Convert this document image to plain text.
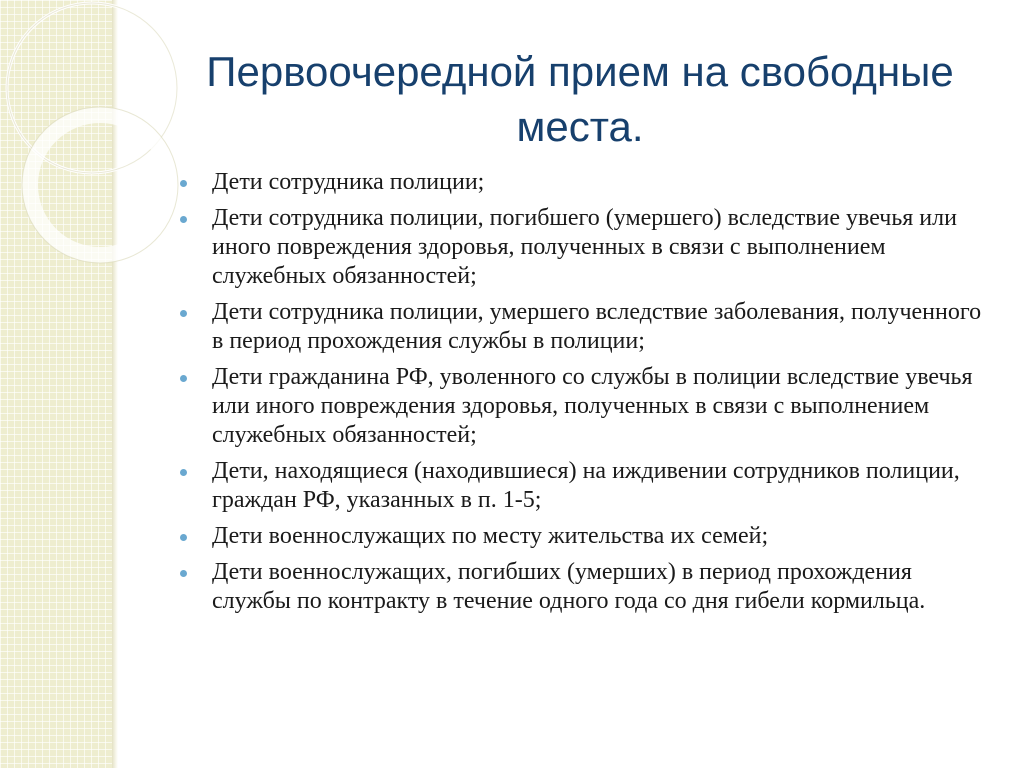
Первоочередной прием на свободные места.
Дети сотрудника полиции;
Дети сотрудника полиции, погибшего (умершего) вследствие увечья или иного повреждения здоровья, полученных в связи с выполнением служебных обязанностей;
Дети сотрудника полиции, умершего вследствие заболевания, полученного в период прохождения службы в полиции;
Дети гражданина РФ, уволенного со службы в полиции вследствие увечья или иного повреждения здоровья, полученных в связи с выполнением служебных обязанностей;
Дети, находящиеся (находившиеся) на иждивении сотрудников полиции, граждан РФ, указанных в п. 1-5;
Дети военнослужащих по месту жительства их семей;
Дети военнослужащих, погибших (умерших) в период прохождения службы по контракту в течение одного года со дня гибели кормильца.
